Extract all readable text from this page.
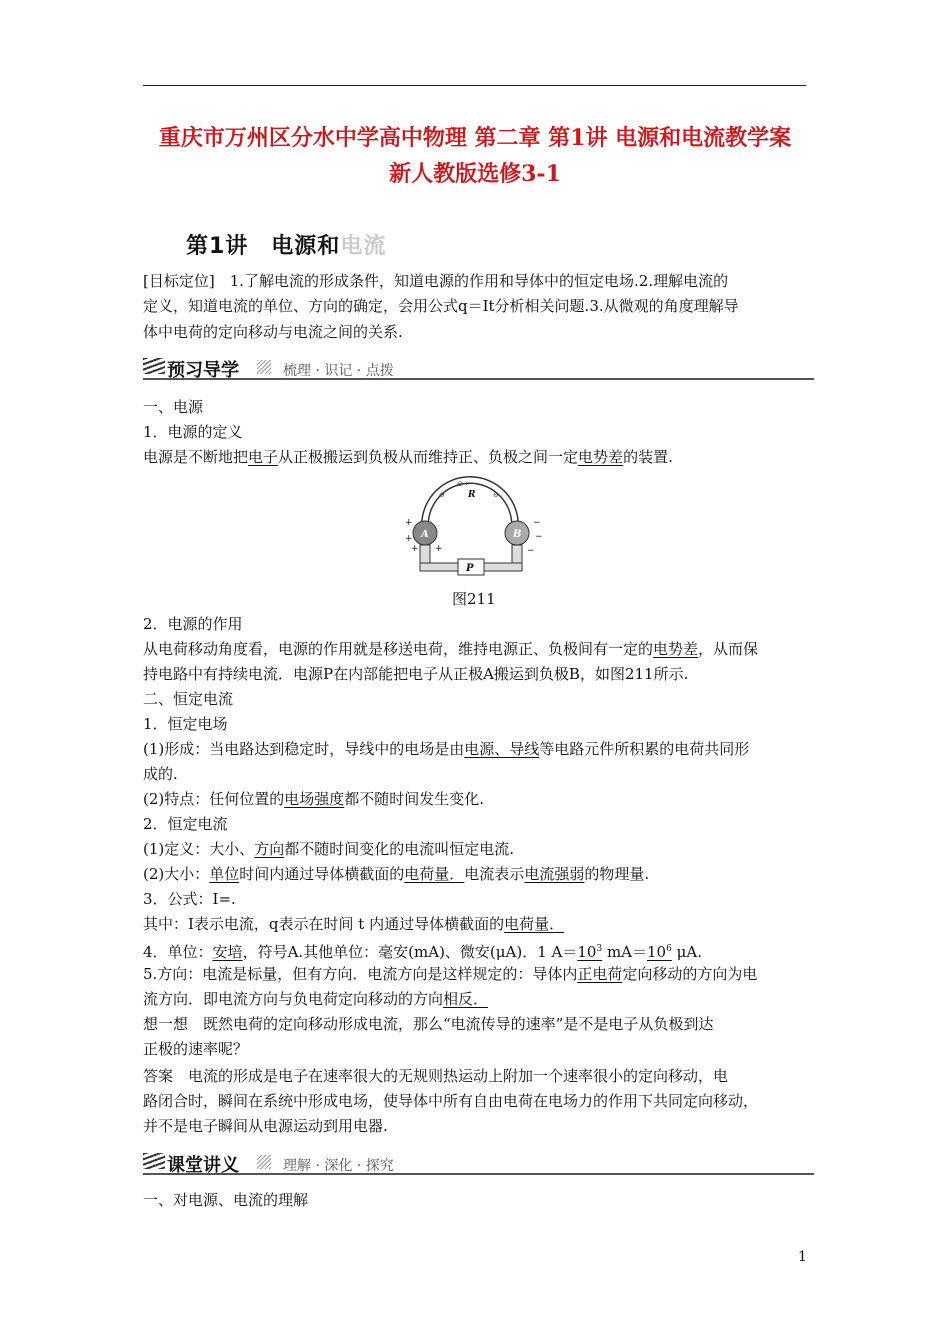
重庆市万州区分水中学高中物理 第二章 第1讲 电源和电流教学案
新人教版选修3-1
第1讲　电源和电流
[目标定位]　1.了解电流的形成条件，知道电源的作用和导体中的恒定电场.2.理解电流的
定义，知道电流的单位、方向的确定，会用公式q＝It分析相关问题.3.从微观的角度理解导
体中电荷的定向移动与电流之间的关系.
预习导学	梳理 · 识记 · 点拨
一、电源
1．电源的定义
电源是不断地把电子从正极搬运到负极从而维持正、负极之间一定电势差的装置.
R
⊖ ←
⊖	⊖
A	B
+
+
+ +
−
−
−
P
图211
2．电源的作用
从电荷移动角度看，电源的作用就是移送电荷，维持电源正、负极间有一定的电势差，从而保
持电路中有持续电流．电源P在内部能把电子从正极A搬运到负极B，如图211所示.
二、恒定电流
1．恒定电场
(1)形成：当电路达到稳定时，导线中的电场是由电源、导线等电路元件所积累的电荷共同形
成的.
(2)特点：任何位置的电场强度都不随时间发生变化.
2．恒定电流
(1)定义：大小、方向都不随时间变化的电流叫恒定电流.
(2)大小：单位时间内通过导体横截面的电荷量．电流表示电流强弱的物理量.
3．公式：I=.
其中：I表示电流，q表示在时间 t 内通过导体横截面的电荷量．
4．单位：安培，符号A.其他单位：毫安(mA)、微安(μA)．1 $A=10^3$ $mA=10^6$ μA.
5.方向：电流是标量，但有方向．电流方向是这样规定的：导体内正电荷定向移动的方向为电
流方向．即电流方向与负电荷定向移动的方向相反．
想一想　既然电荷的定向移动形成电流，那么“电流传导的速率”是不是电子从负极到达
正极的速率呢？
答案　电流的形成是电子在速率很大的无规则热运动上附加一个速率很小的定向移动，电
路闭合时，瞬间在系统中形成电场，使导体中所有自由电荷在电场力的作用下共同定向移动，
并不是电子瞬间从电源运动到用电器.
课堂讲义	理解 · 深化 · 探究
一、对电源、电流的理解
1
